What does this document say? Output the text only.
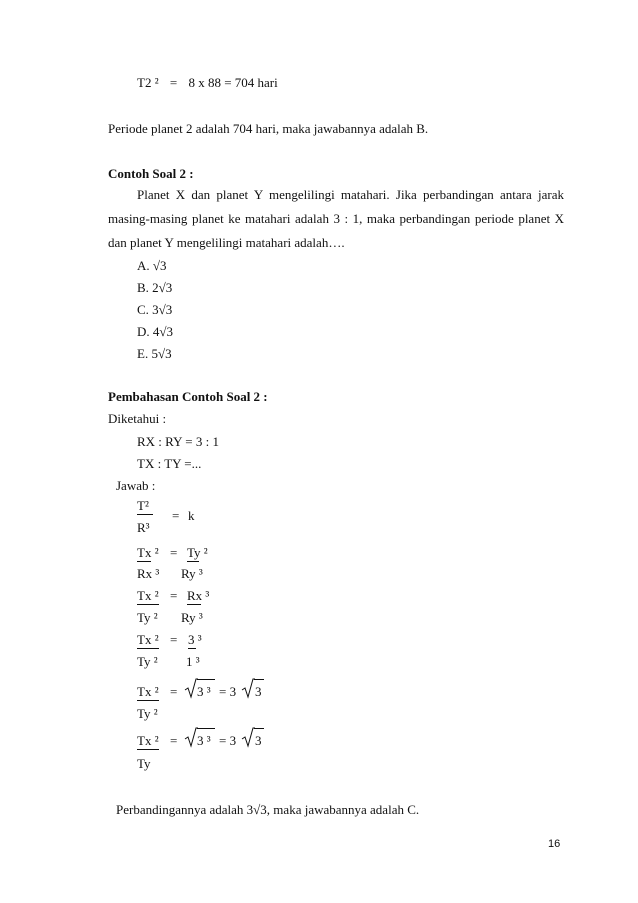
T2 ² = 8 x 88 = 704 hari
Periode planet 2 adalah 704 hari, maka jawabannya adalah B.
Contoh Soal 2 :
Planet X dan planet Y mengelilingi matahari. Jika perbandingan antara jarak
masing-masing planet ke matahari adalah 3 : 1, maka perbandingan periode planet X
dan planet Y mengelilingi matahari adalah….
A. √3
B. 2√3
C. 3√3
D. 4√3
E. 5√3
Pembahasan Contoh Soal 2 :
Diketahui :
RX : RY = 3 : 1
TX : TY =...
Jawab :
T²
R³
= k
Tx ²
Rx ³
= Ty ²
Ry ³
Tx ²
Ty ²
= Rx ³
Ry ³
Tx ²
Ty ²
= 3 ³
1 ³
Tx ²
Ty ²
= 3 ³ = 3 3
Tx ²
Ty
= 3 ³ = 3 3
Perbandingannya adalah 3√3, maka jawabannya adalah C.
16
